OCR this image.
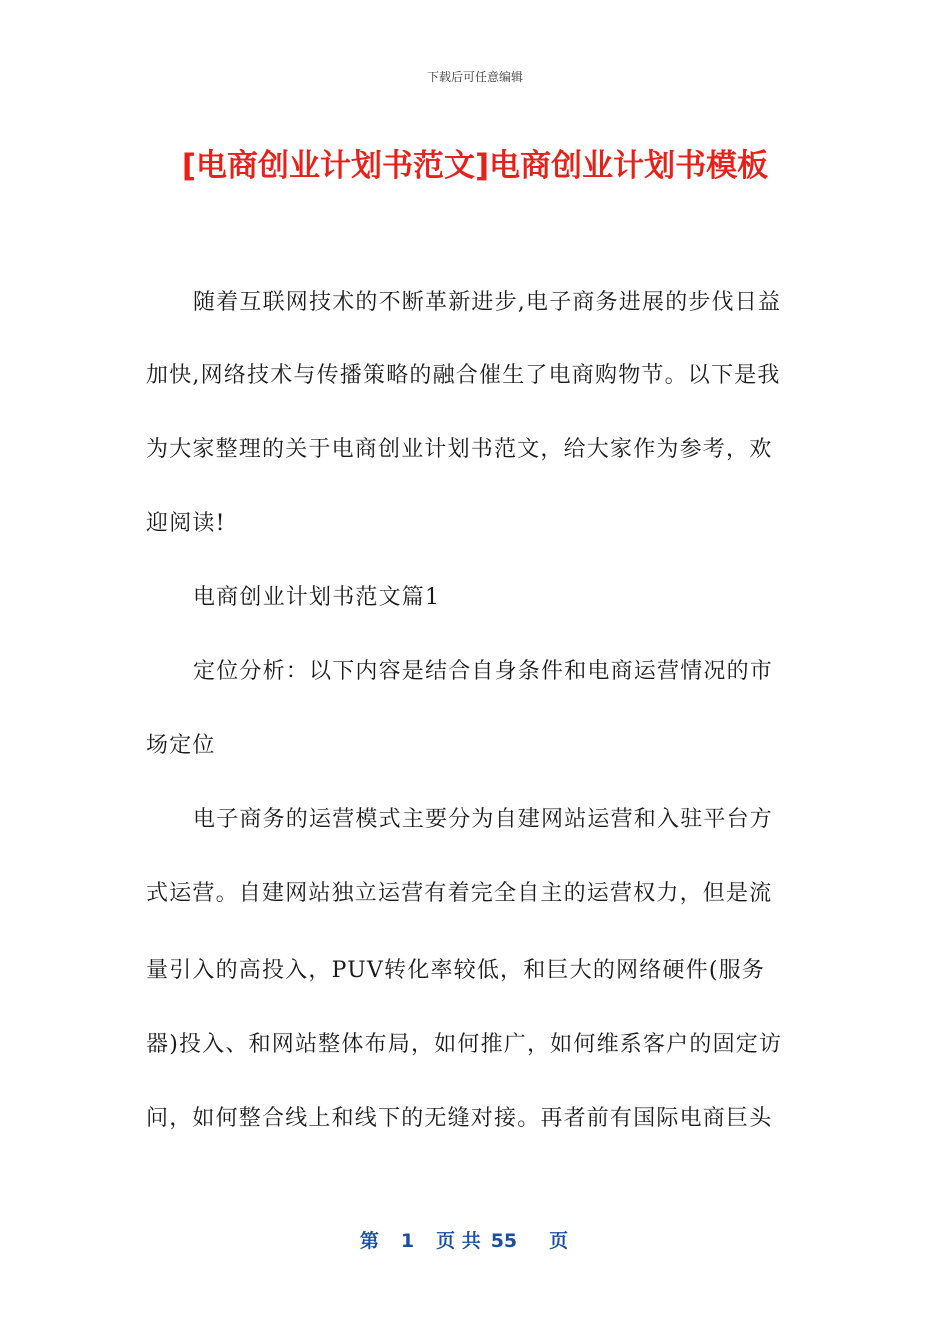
下载后可任意编辑
[电商创业计划书范文]电商创业计划书模板
随着互联网技术的不断革新进步,电子商务进展的步伐日益
加快,网络技术与传播策略的融合催生了电商购物节。以下是我
为大家整理的关于电商创业计划书范文，给大家作为参考，欢
迎阅读!
电商创业计划书范文篇1
定位分析：以下内容是结合自身条件和电商运营情况的市
场定位
电子商务的运营模式主要分为自建网站运营和入驻平台方
式运营。自建网站独立运营有着完全自主的运营权力，但是流
量引入的高投入，PUV转化率较低，和巨大的网络硬件(服务
器)投入、和网站整体布局，如何推广，如何维系客户的固定访
问，如何整合线上和线下的无缝对接。再者前有国际电商巨头
第 1 页 共 55 页
